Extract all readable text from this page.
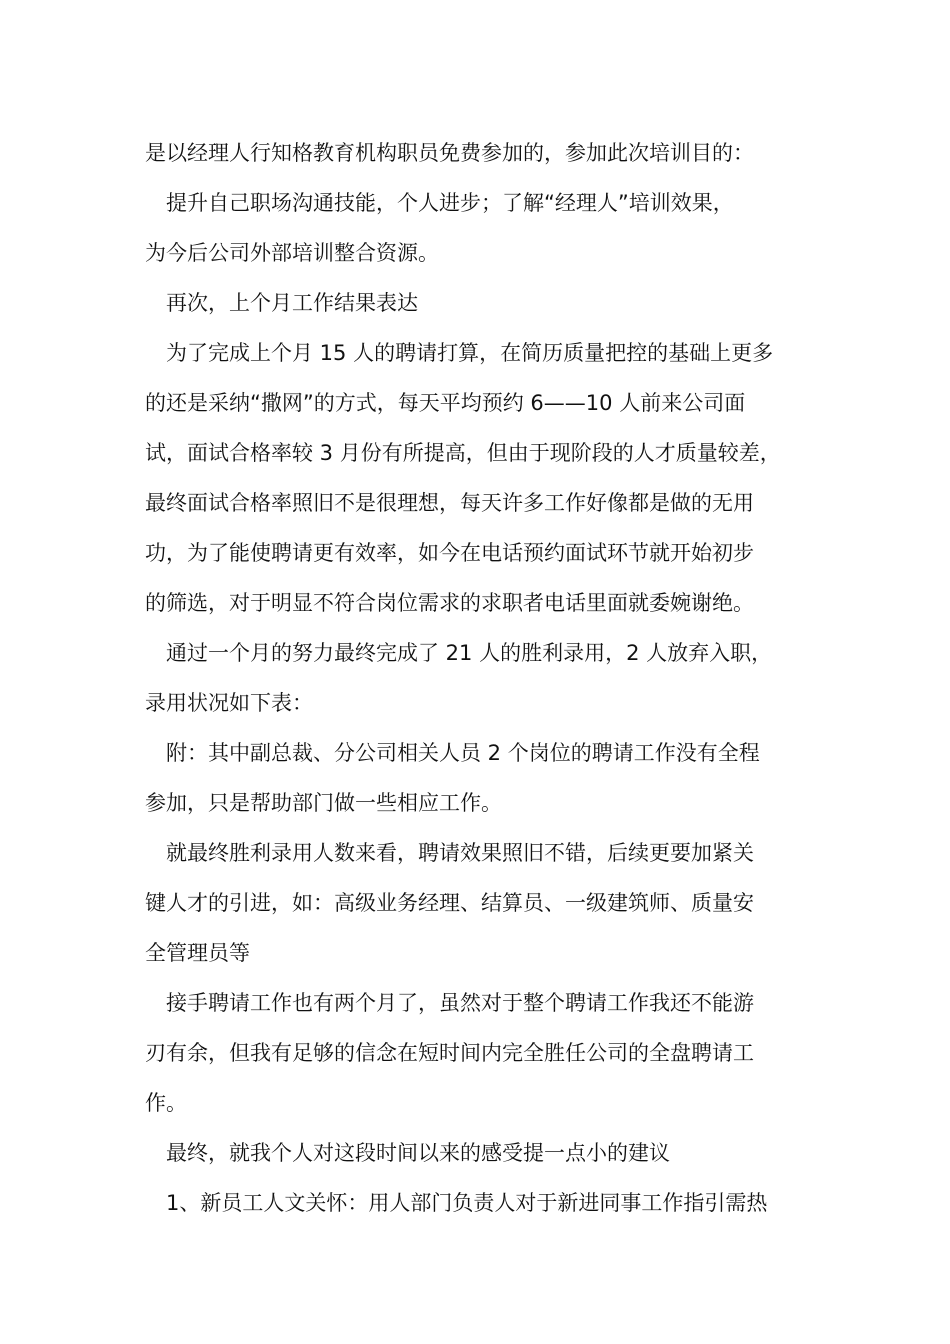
是以经理人行知格教育机构职员免费参加的，参加此次培训目的：
提升自己职场沟通技能，个人进步；了解“经理人”培训效果，
为今后公司外部培训整合资源。
再次，上个月工作结果表达
为了完成上个月 15 人的聘请打算，在简历质量把控的基础上更多
的还是采纳“撒网”的方式，每天平均预约 6——10 人前来公司面
试，面试合格率较 3 月份有所提高，但由于现阶段的人才质量较差，
最终面试合格率照旧不是很理想，每天许多工作好像都是做的无用
功，为了能使聘请更有效率，如今在电话预约面试环节就开始初步
的筛选，对于明显不符合岗位需求的求职者电话里面就委婉谢绝。
通过一个月的努力最终完成了 21 人的胜利录用，2 人放弃入职，
录用状况如下表：
附：其中副总裁、分公司相关人员 2 个岗位的聘请工作没有全程
参加，只是帮助部门做一些相应工作。
就最终胜利录用人数来看，聘请效果照旧不错，后续更要加紧关
键人才的引进，如：高级业务经理、结算员、一级建筑师、质量安
全管理员等
接手聘请工作也有两个月了，虽然对于整个聘请工作我还不能游
刃有余，但我有足够的信念在短时间内完全胜任公司的全盘聘请工
作。
最终，就我个人对这段时间以来的感受提一点小的建议
1、新员工人文关怀：用人部门负责人对于新进同事工作指引需热
